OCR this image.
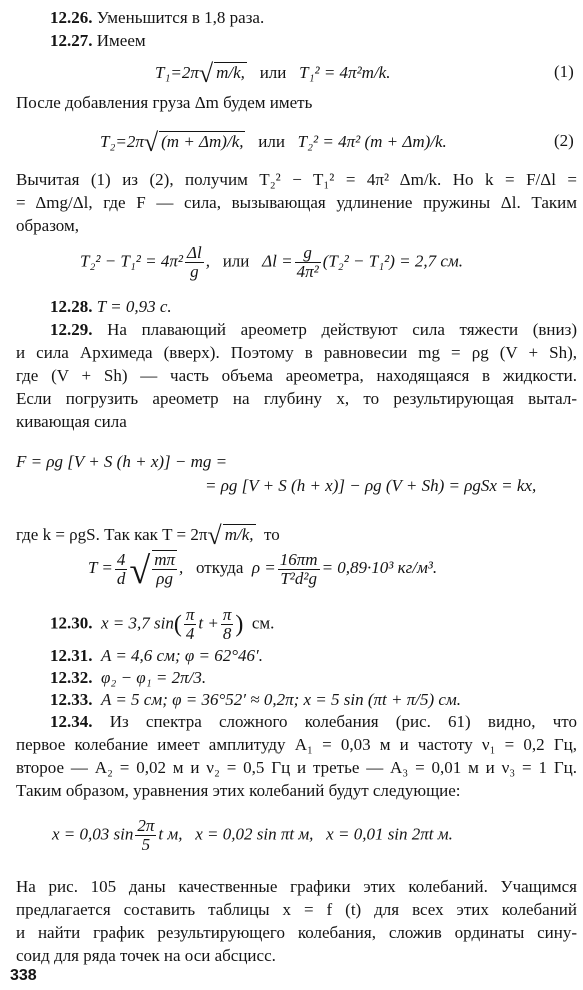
12.26. Уменьшится в 1,8 раза.
12.27. Имеем
T₁=2π√ m/k, или T₁² = 4π²m/k.	(1)
После добавления груза Δm будем иметь
T₂=2π√ (m + Δm)/k, или T₂² = 4π² (m + Δm)/k.	(2)
Вычитая (1) из (2), получим T₂² − T₁² = 4π² Δm/k. Но k = F/Δl =
= Δmg/Δl, где F — сила, вызывающая удлинение пружины Δl. Таким
образом,
$T_2^2 - T_1^2 = 4\pi^2 \frac{\Delta l}{g}$ , или $\Delta l = \frac{g}{\text{4π²}} (T_2^2 - T_1^2) = 2,7$ см.
12.28. T = 0,93 с.
12.29. На плавающий ареометр действуют сила тяжести (вниз)
и сила Архимеда (вверх). Поэтому в равновесии mg = ρg (V + Sh),
где (V + Sh) — часть объема ареометра, находящаяся в жидкости.
Если погрузить ареометр на глубину x, то результирующая вытал-
кивающая сила
F = ρg [V + S (h + x)] − mg =
= ρg [V + S (h + x)] − ρg (V + Sh) = ρgSx = kx,
где k = ρgS. Так как T = 2π√ m/k, то
$T = \frac{4}{d}$ √ $\frac{m\pi}{\rho g}$ , откуда $\rho = \frac{16\pi m}{\text{T²d²g}} = 0,89\cdot 10^3$ кг/м³.
12.30. x = 3,7 $\sin( \frac{\pi}{4}$ $t + \frac{\pi}{8}$ ) см.
12.31. A = 4,6 см; φ = 62°46′.
12.32. φ₂ − φ₁ = 2π/3.
12.33. A = 5 см; φ = 36°52′ ≈ 0,2π; x = 5 sin (πt + π/5) см.
12.34. Из спектра сложного колебания (рис. 61) видно, что
первое колебание имеет амплитуду A₁ = 0,03 м и частоту ν₁ = 0,2 Гц,
второе — A₂ = 0,02 м и ν₂ = 0,5 Гц и третье — A₃ = 0,01 м и ν₃ = 1 Гц.
Таким образом, уравнения этих колебаний будут следующие:
x = 0,03 $\sin \frac{2\pi}{5}$ t м, x = 0,02 sin πt м, x = 0,01 sin 2πt м.
На рис. 105 даны качественные графики этих колебаний. Учащимся
предлагается составить таблицы x = f (t) для всех этих колебаний
и найти график результирующего колебания, сложив ординаты сину-
соид для ряда точек на оси абсцисс.
338
